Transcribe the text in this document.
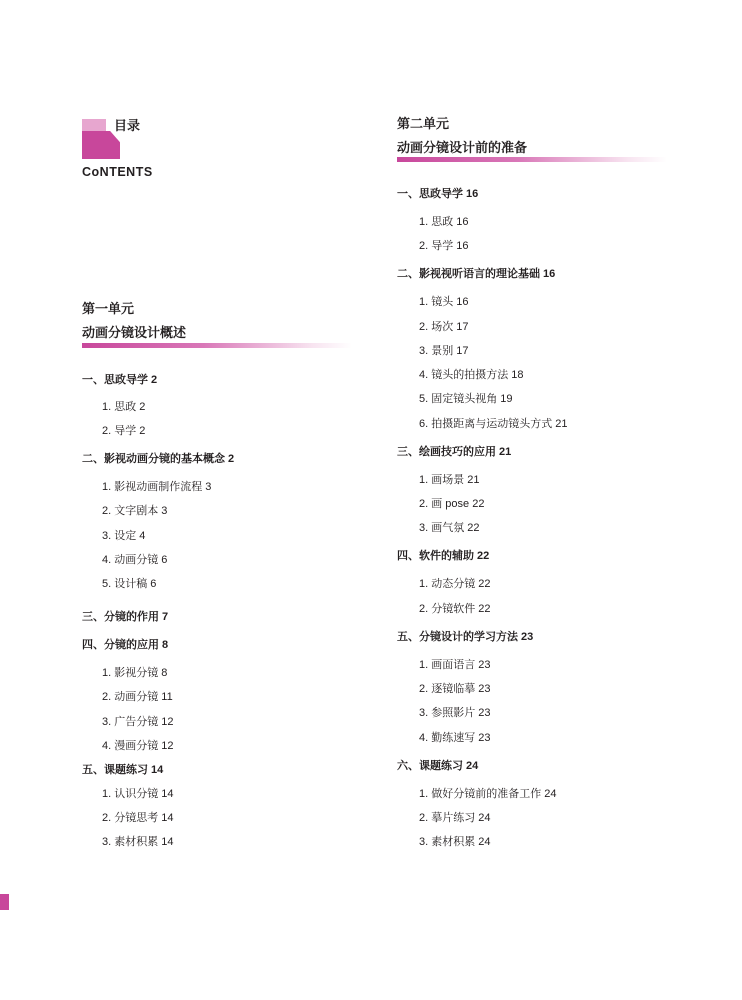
目录
CoNTENTS
第一单元
动画分镜设计概述
一、思政导学 2
1. 思政 2
2. 导学 2
二、影视动画分镜的基本概念 2
1. 影视动画制作流程 3
2. 文字剧本 3
3. 设定 4
4. 动画分镜 6
5. 设计稿 6
三、分镜的作用 7
四、分镜的应用 8
1. 影视分镜 8
2. 动画分镜 11
3. 广告分镜 12
4. 漫画分镜 12
五、课题练习 14
1. 认识分镜 14
2. 分镜思考 14
3. 素材积累 14
第二单元
动画分镜设计前的准备
一、思政导学 16
1. 思政 16
2. 导学 16
二、影视视听语言的理论基础 16
1. 镜头 16
2. 场次 17
3. 景别 17
4. 镜头的拍摄方法 18
5. 固定镜头视角 19
6. 拍摄距离与运动镜头方式 21
三、绘画技巧的应用 21
1. 画场景 21
2. 画 pose 22
3. 画气氛 22
四、软件的辅助 22
1. 动态分镜 22
2. 分镜软件 22
五、分镜设计的学习方法 23
1. 画面语言 23
2. 逐镜临摹 23
3. 参照影片 23
4. 勤练速写 23
六、课题练习 24
1. 做好分镜前的准备工作 24
2. 摹片练习 24
3. 素材积累 24
